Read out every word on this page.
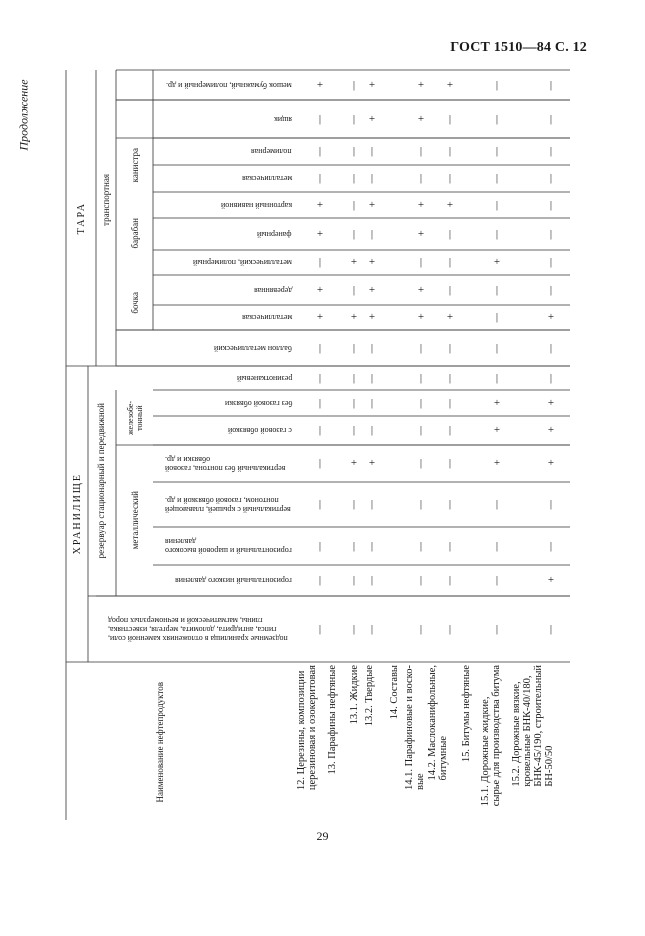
ГОСТ 1510—84 С. 12
Продолжение
ХРАНИЛИЩЕ
ТАРА
резервуар стационарный и передвижной
транспортная
металлический
железобе-
тонный
бочка
барабан
канистра
Наименование нефтепродуктов
подземные хранилища в отложениях каменной соли, гипса, ангидрита, доломита, мергеля, известняка, глины, магматической и вечномерзлых пород
горизонтальный низкого давления
горизонтальный и шаровой высокого давления
вертикальный с крышей, плавающей понтоном, газовой обвязкой и др.
вертикальный без понтона, газовой обвязки и др.
с газовой обвязкой
без газовой обвязки
резинотканевый
баллон металлический
металлическая
деревянная
металлический, полимерный
фанерный
картонный навивной
металлическая
полимерная
ящик
мешок бумажный, полимерный и др.
12. Церезины, композиции
церезиновая и озокеритовая 13. Парафины нефтяные 13.1. Жидкие 13.2. Твердые 14. Составы
14.1. Парафиновые и воско-
вые
14.2. Маслоканифольные,
битумные 15. Битумы нефтяные
15.1. Дорожные жидкие,
сырье для производства битума
15.2. Дорожные вязкие,
кровельные БНК-40/180,
БНК-45/190, строительный
БН-50/50
|
|
|
|
|
|
|
|
|
+
+
|
+
+
|
|
|
+
|
|
|
|
+
|
|
|
|
+
|
+
|
|
|
|
|
|
|
|
|
|
+
|
|
|
|
+
+
+
|
+
|
|
+
+
|
|
|
|
|
|
|
|
|
+
+
|
+
+
|
|
+
+
|
|
|
|
|
|
|
|
|
+
|
|
|
+
|
|
|
+
|
|
|
|
+
+
+
|
|
|
|
+
|
|
|
|
|
|
|
+
|
|
+
+
+
|
|
+
|
|
|
|
|
|
|
|
29
